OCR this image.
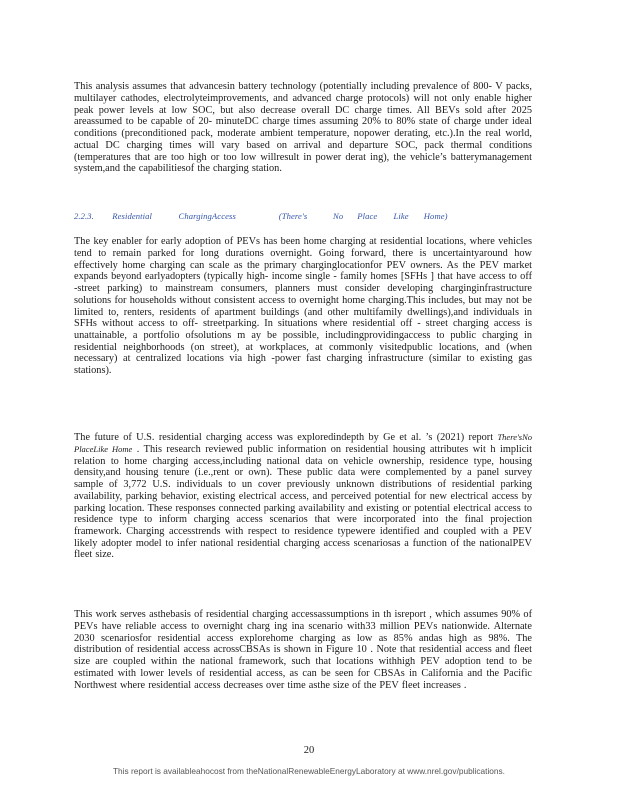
This analysis assumes that advancesin battery technology (potentially including prevalence of 800- V packs, multilayer cathodes, electrolyteimprovements, and advanced charge protocols) will not only enable higher peak power levels at low SOC, but also decrease overall DC charge times. All BEVs sold after 2025 areassumed to be capable of 20- minuteDC charge times assuming 20% to 80% state of charge under ideal conditions (preconditioned pack, moderate ambient temperature, nopower derating, etc.).In the real world, actual DC charging times will vary based on arrival and departure SOC, pack thermal conditions (temperatures that are too high or too low willresult in power derat ing), the vehicle’s batterymanagement system,and the capabilitiesof the charging station.

2.2.3. Residential	ChargingAccess	(There's	No Place Like Home)

The key enabler for early adoption of PEVs has been home charging at residential locations, where vehicles tend to remain parked for long durations overnight. Going forward, there is uncertaintyaround how effectively home charging can scale as the primary charginglocationfor PEV owners. As the PEV market expands beyond earlyadopters (typically high- income single - family homes [SFHs ] that have access to off -street parking) to mainstream consumers, planners must consider developing charginginfrastructure solutions for households without consistent access to overnight home charging.This includes, but may not be limited to, renters, residents of apartment buildings (and other multifamily dwellings),and individuals in SFHs without access to off- streetparking. In situations where residential off - street charging access is unattainable, a portfolio ofsolutions m ay be possible, includingprovidingaccess to public charging in residential neighborhoods (on street), at workplaces, at commonly visitedpublic locations, and (when necessary) at centralized locations via high -power fast charging infrastructure (similar to existing gas stations).

The future of U.S. residential charging access was exploredindepth by Ge et al. ’s (2021) report There'sNo PlaceLike Home . This research reviewed public information on residential housing attributes wit h implicit relation to home charging access,including national data on vehicle ownership, residence type, housing density,and housing tenure (i.e.,rent or own). These public data were complemented by a panel survey sample of 3,772 U.S. individuals to un cover previously unknown distributions of residential parking availability, parking behavior, existing electrical access, and perceived potential for new electrical access by parking location. These responses connected parking availability and existing or potential electrical access to residence type to inform charging access scenarios that were incorporated into the final projection framework. Charging accesstrends with respect to residence typewere identified and coupled with a PEV likely adopter model to infer national residential charging access scenariosas a function of the nationalPEV fleet size.

This work serves asthebasis of residential charging accessassumptions in th isreport , which assumes 90% of PEVs have reliable access to overnight charg ing ina scenario with33 million PEVs nationwide. Alternate 2030 scenariosfor residential access explorehome charging as low as 85% andas high as 98%. The distribution of residential access acrossCBSAs is shown in Figure 10 . Note that residential access and fleet size are coupled within the national framework, such that locations withhigh PEV adoption tend to be estimated with lower levels of residential access, as can be seen for CBSAs in California and the Pacific Northwest where residential access decreases over time asthe size of the PEV fleet increases .

20
This report is availableahocost from theNationalRenewableEnergyLaboratory at www.nrel.gov/publications.
